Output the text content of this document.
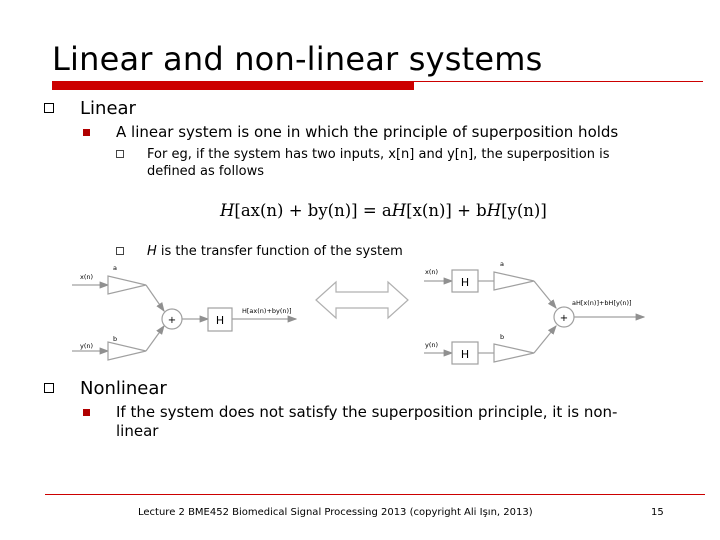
Linear and non-linear systems
Linear
A linear system is one in which the principle of superposition holds
For eg, if the system has two inputs, x[n] and y[n], the superposition is
defined as follows
H[ax(n) + by(n)] = aH[x(n)] + bH[y(n)]
H is the transfer function of the system
x(n)
y(n)
a
b
H[ax(n)+by(n)]
+	H
x(n)
y(n)
a
b
aH[x(n)]+bH[y(n)]
H
H
+
Nonlinear
If the system does not satisfy the superposition principle, it is non-
linear
Lecture 2 BME452 Biomedical Signal Processing 2013 (copyright Ali Işın, 2013)	15
